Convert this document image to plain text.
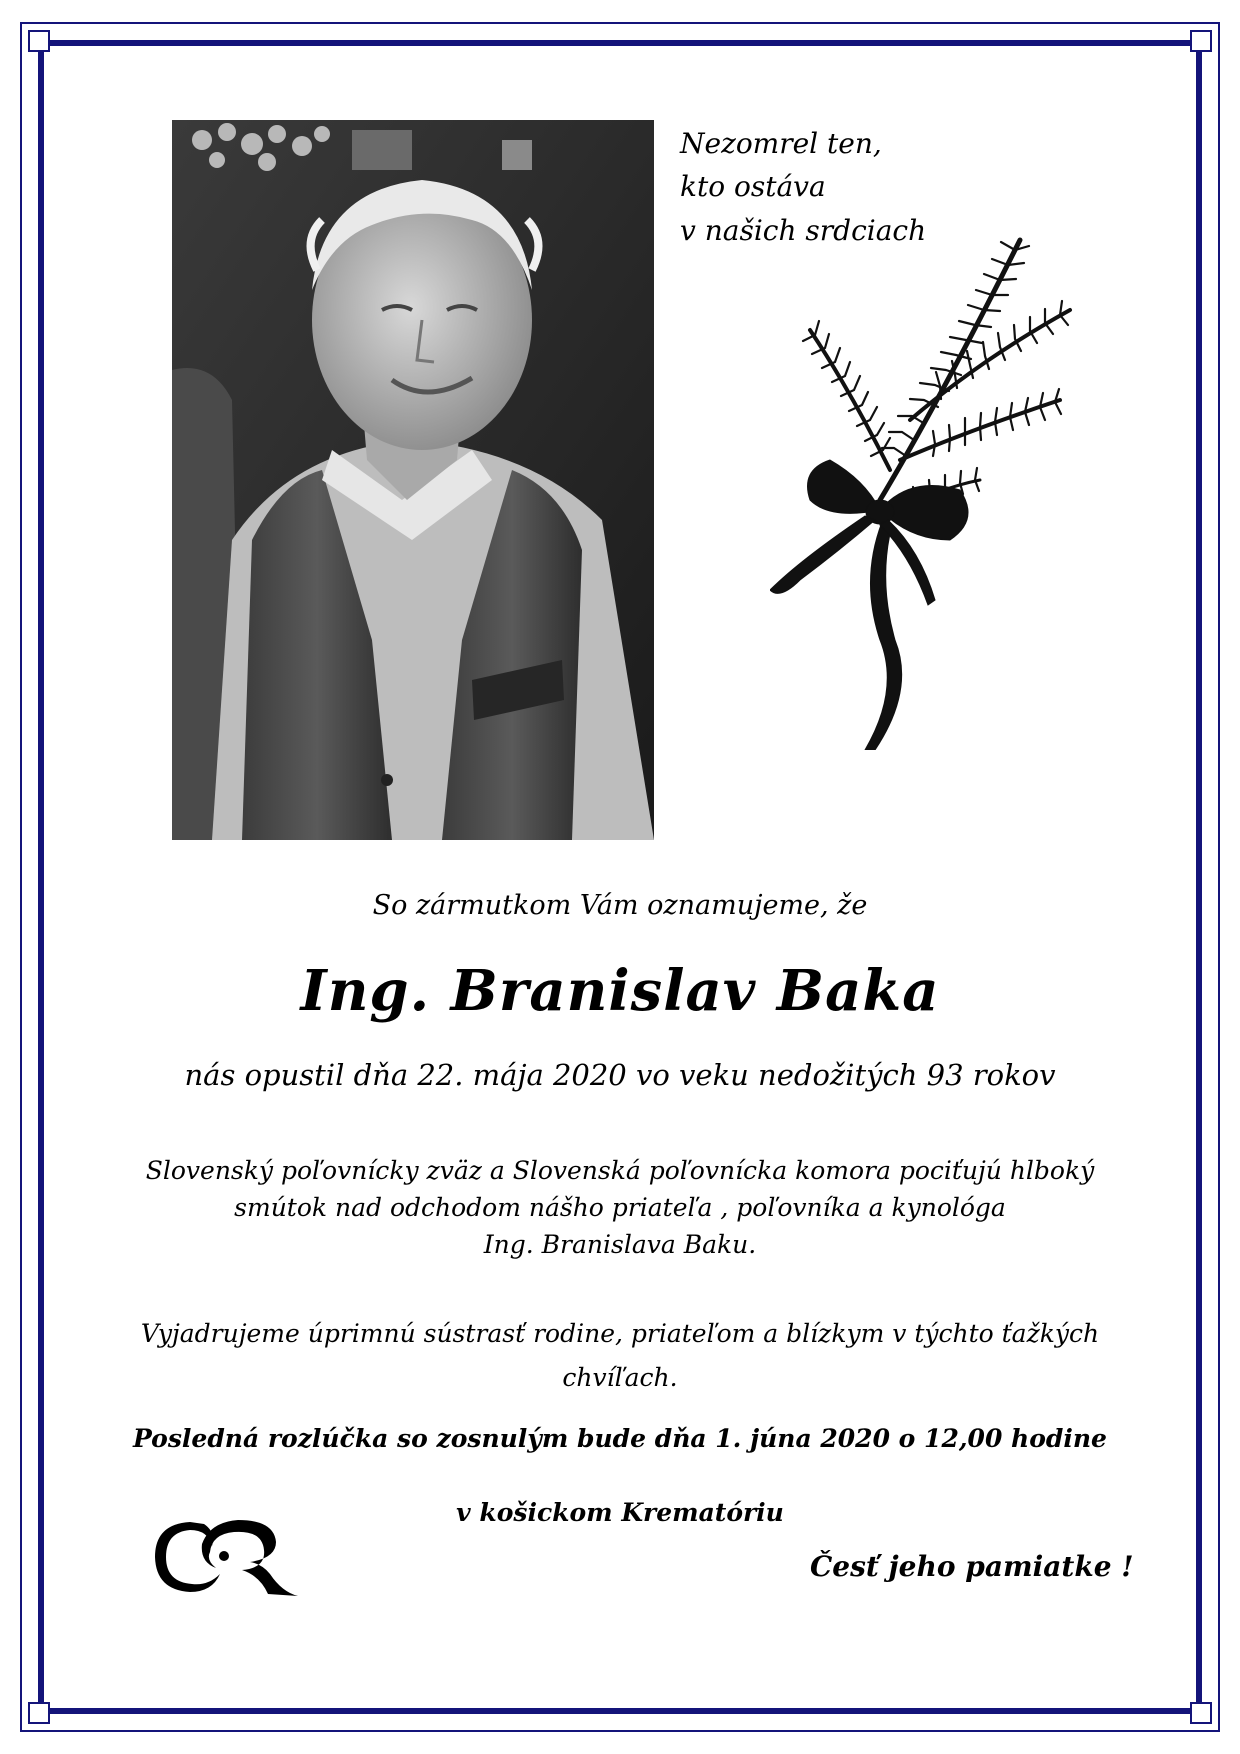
Nezomrel ten,
kto ostáva
v našich srdciach
So zármutkom Vám oznamujeme, že
Ing. Branislav Baka
nás opustil dňa 22. mája 2020 vo veku nedožitých 93 rokov
Slovenský poľovnícky zväz a Slovenská poľovnícka komora pociťujú hlboký
smútok nad odchodom nášho priateľa , poľovníka a kynológa
Ing. Branislava Baku.
Vyjadrujeme úprimnú sústrasť rodine, priateľom a blízkym v týchto ťažkých
chvíľach.
Posledná rozlúčka so zosnulým bude dňa 1. júna 2020 o 12,00 hodine
v košickom Krematóriu
Česť jeho pamiatke !
